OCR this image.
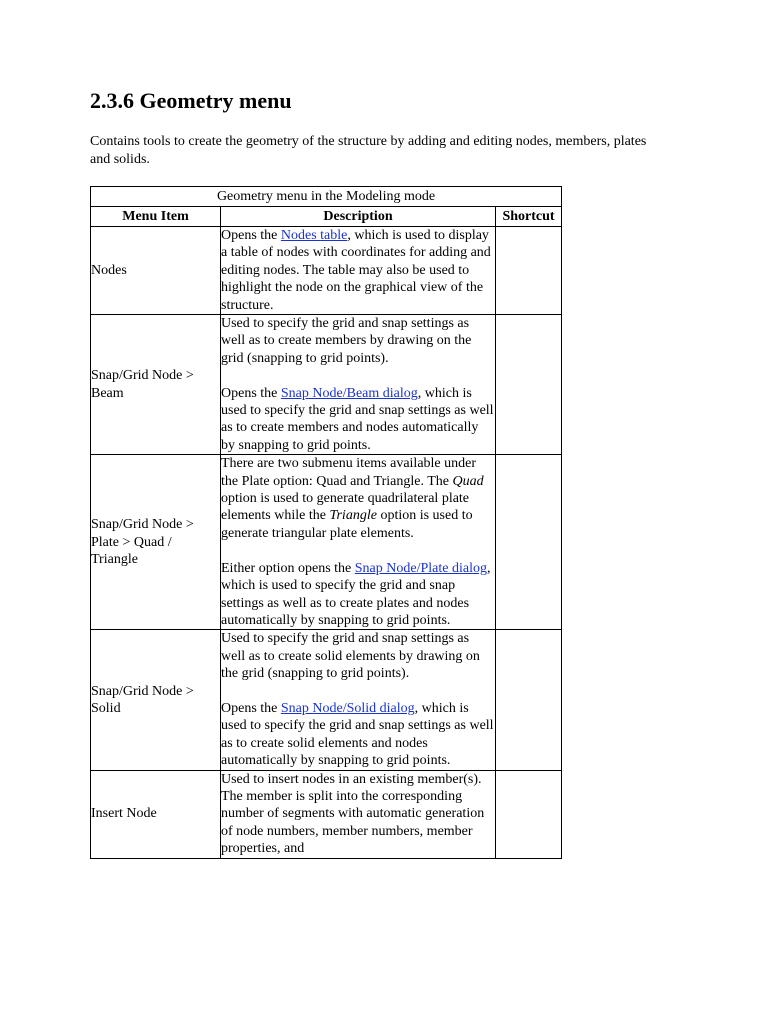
2.3.6 Geometry menu

Contains tools to create the geometry of the structure by adding and editing nodes, members, plates and solids.

Geometry menu in the Modeling mode		
Menu Item	Description	Shortcut
Nodes	Opens the Nodes table, which is used to display a table of nodes with coordinates for adding and editing nodes. The table may also be used to highlight the node on the graphical view of the structure.	
Snap/Grid Node > Beam	Used to specify the grid and snap settings as well as to create members by drawing on the grid (snapping to grid points).
Opens the Snap Node/Beam dialog, which is used to specify the grid and snap settings as well as to create members and nodes automatically by snapping to grid points.	
Snap/Grid Node > Plate > Quad / Triangle	There are two submenu items available under the Plate option: Quad and Triangle. The Quad option is used to generate quadrilateral plate elements while the Triangle option is used to generate triangular plate elements.
Either option opens the Snap Node/Plate dialog, which is used to specify the grid and snap settings as well as to create plates and nodes automatically by snapping to grid points.	
Snap/Grid Node > Solid	Used to specify the grid and snap settings as well as to create solid elements by drawing on the grid (snapping to grid points).
Opens the Snap Node/Solid dialog, which is used to specify the grid and snap settings as well as to create solid elements and nodes automatically by snapping to grid points.	
Insert Node	Used to insert nodes in an existing member(s). The member is split into the corresponding number of segments with automatic generation of node numbers, member numbers, member properties, and	
